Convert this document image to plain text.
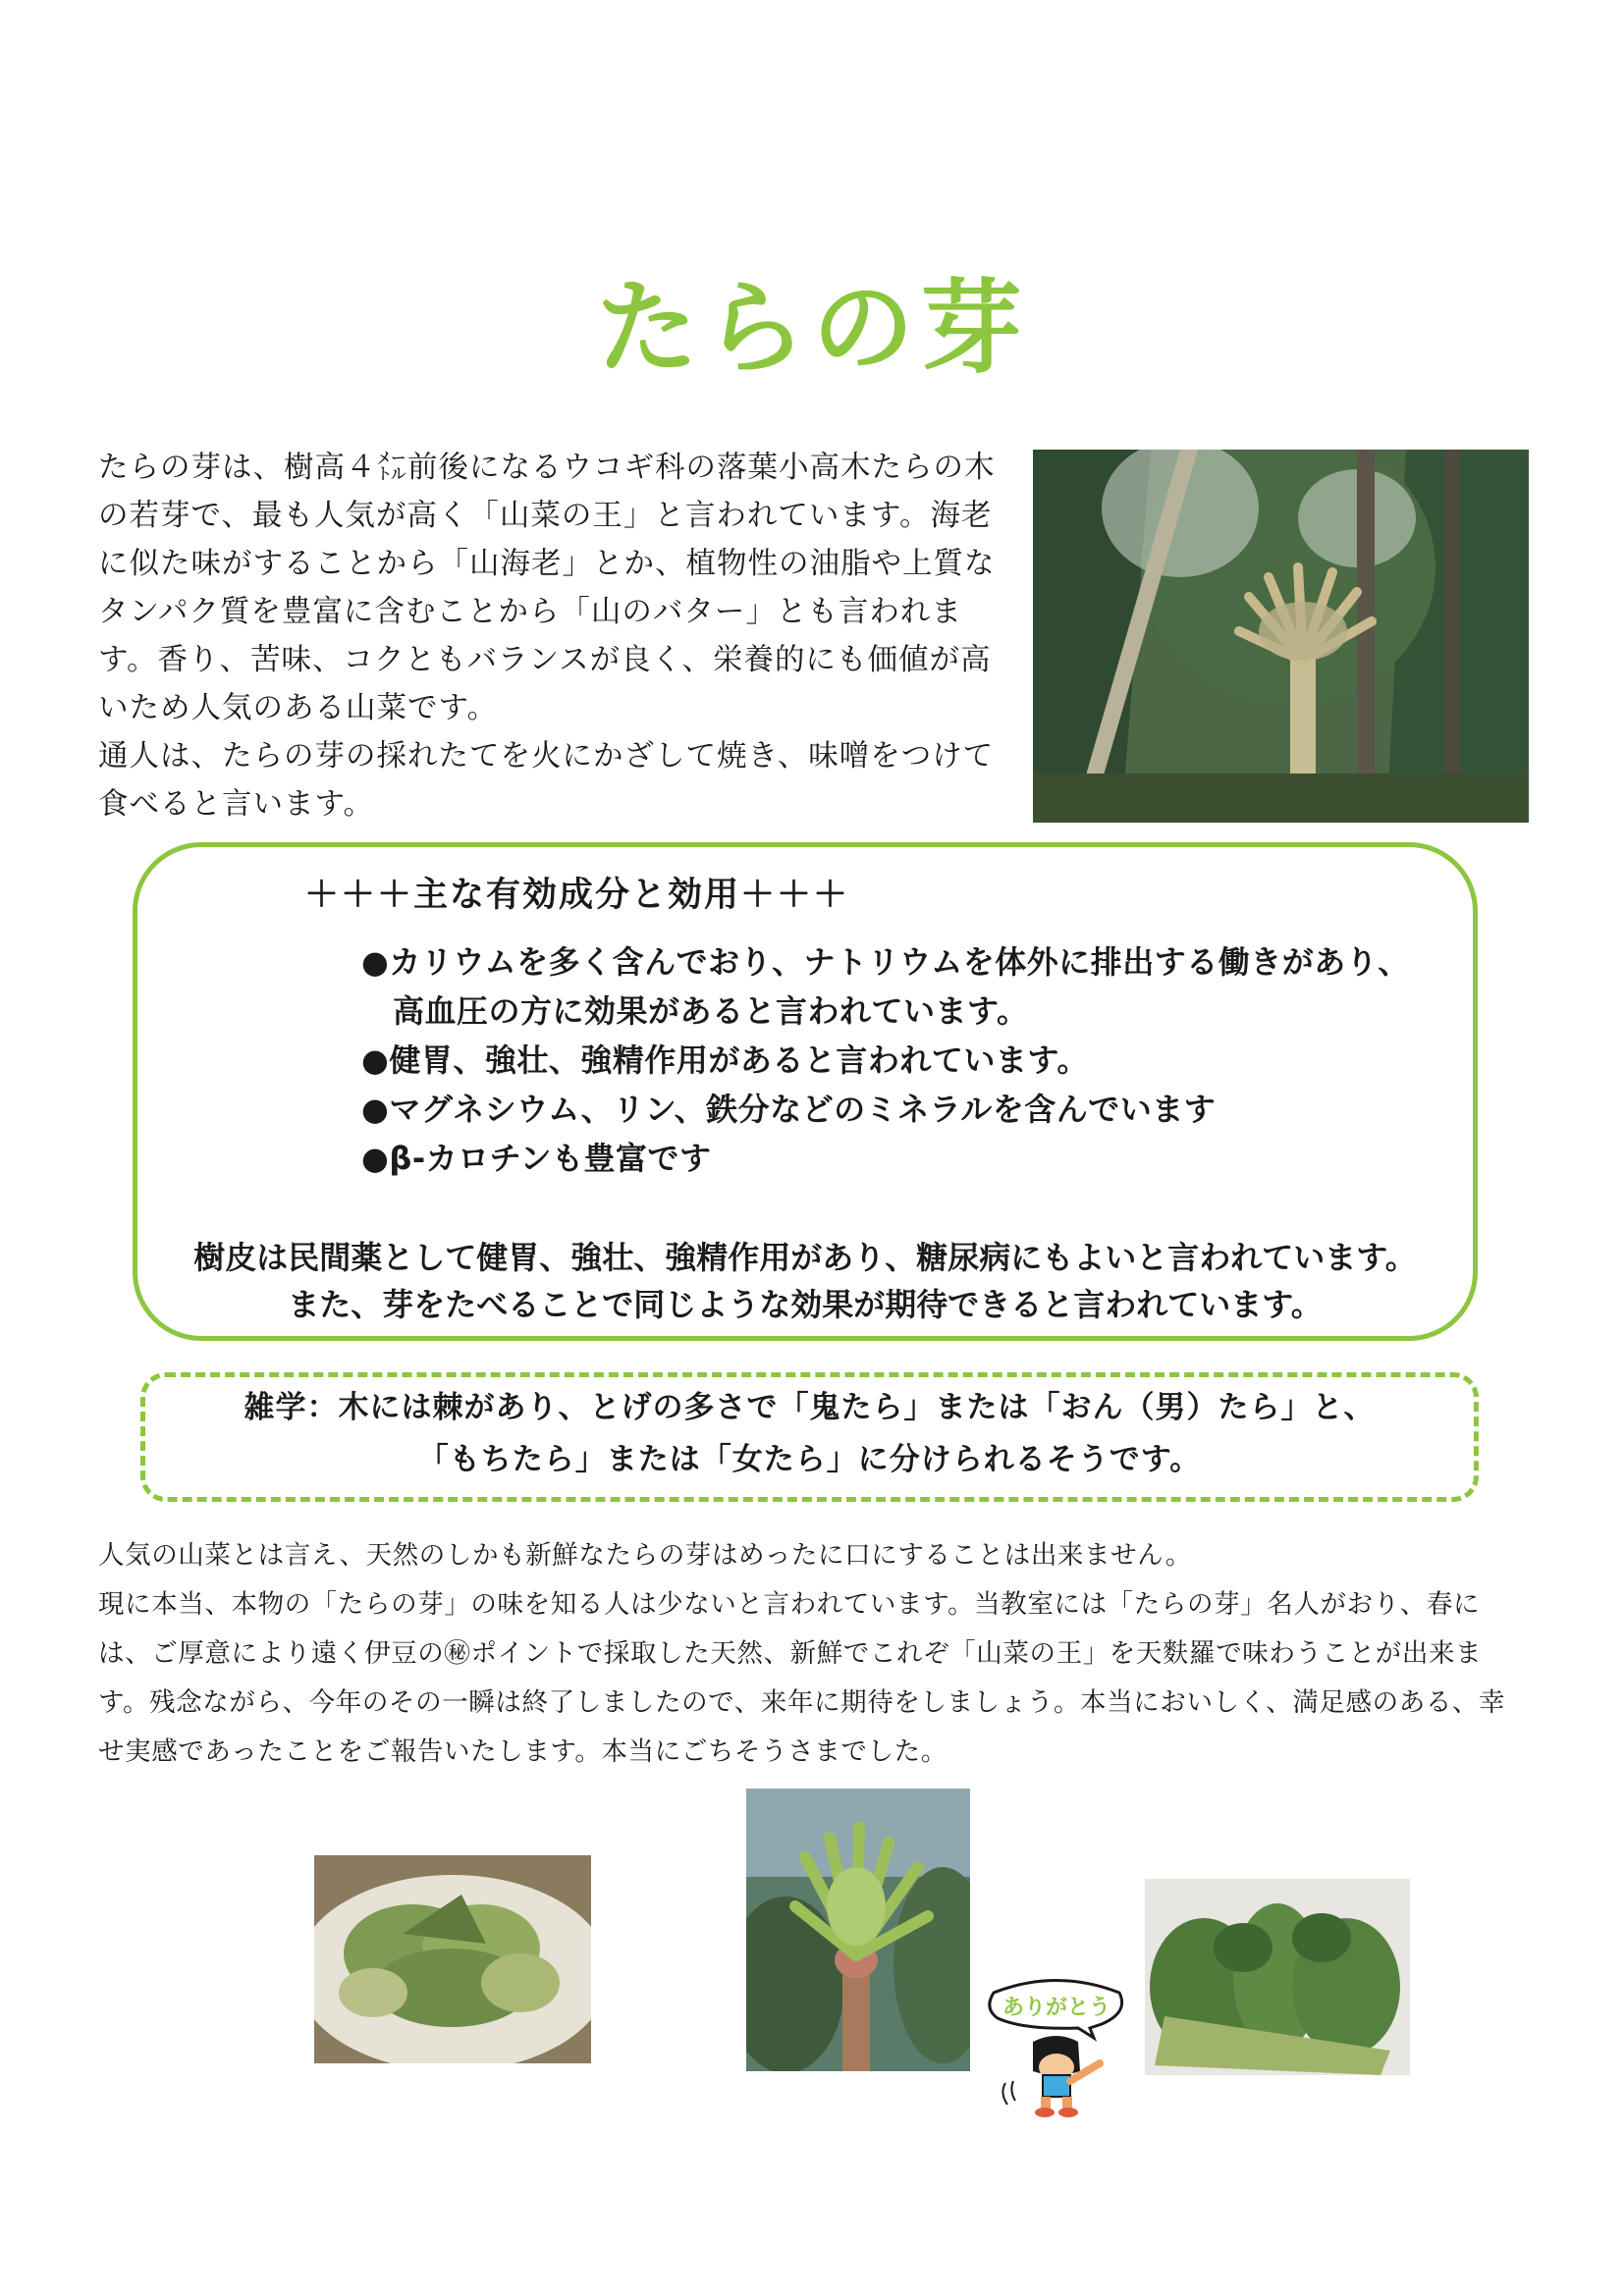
たらの芽

たらの芽は、樹高４㍍前後になるウコギ科の落葉小高木たらの木の若芽で、最も人気が高く「山菜の王」と言われています。海老に似た味がすることから「山海老」とか、植物性の油脂や上質なタンパク質を豊富に含むことから「山のバター」とも言われます。香り、苦味、コクともバランスが良く、栄養的にも価値が高いため人気のある山菜です。

通人は、たらの芽の採れたてを火にかざして焼き、味噌をつけて食べると言います。

＋＋＋主な有効成分と効用＋＋＋
●カリウムを多く含んでおり、ナトリウムを体外に排出する働きがあり、
高血圧の方に効果があると言われています。
●健胃、強壮、強精作用があると言われています。
●マグネシウム、リン、鉄分などのミネラルを含んでいます
●β-カロチンも豊富です
樹皮は民間薬として健胃、強壮、強精作用があり、糖尿病にもよいと言われています。
また、芽をたべることで同じような効果が期待できると言われています。
雑学：木には棘があり、とげの多さで「鬼たら」または「おん（男）たら」と、
「もちたら」または「女たら」に分けられるそうです。

人気の山菜とは言え、天然のしかも新鮮なたらの芽はめったに口にすることは出来ません。

現に本当、本物の「たらの芽」の味を知る人は少ないと言われています。当教室には「たらの芽」名人がおり、春には、ご厚意により遠く伊豆の㊙ポイントで採取した天然、新鮮でこれぞ「山菜の王」を天麩羅で味わうことが出来ます。残念ながら、今年のその一瞬は終了しましたので、来年に期待をしましょう。本当においしく、満足感のある、幸せ実感であったことをご報告いたします。本当にごちそうさまでした。

ありがとう
